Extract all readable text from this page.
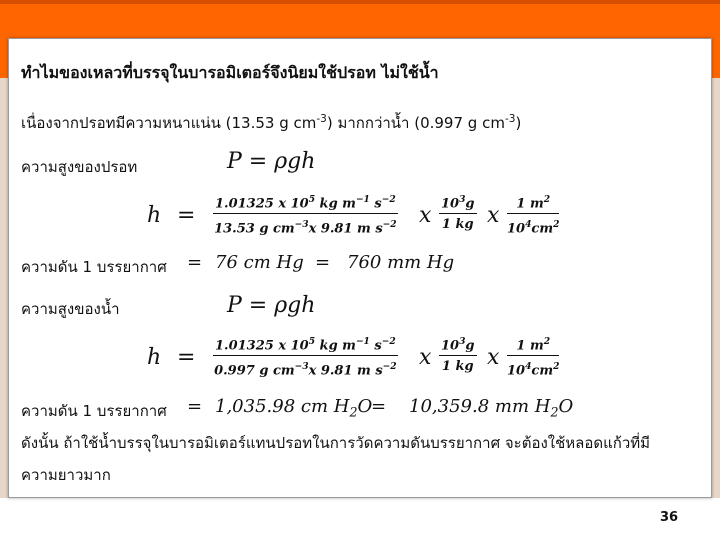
ทำไมของเหลวที่บรรจุในบารอมิเตอร์จึงนิยมใช้ปรอท ไม่ใช้น้ำ
เนื่องจากปรอทมีความหนาแน่น (13.53 g $cm^{-3}$) มากกว่าน้ำ (0.997 g $cm^{-3}$)
ความสูงของปรอท	P = ρgh
$h = \frac{1.01325 x 10^5 kg m^{-1} s^{-2}}{13.53 g cm^{-3}x 9.81 m s^{-2}}$ x $\frac{10^3g}{1 kg}$ x $\frac{1 m^2}{10^4cm^2}$
ความดัน 1 บรรยากาศ = 76 cm Hg = 760 mm Hg
ความสูงของน้ำ	P = ρgh
$h = \frac{1.01325 x 10^5 kg m^{-1} s^{-2}}{0.997 g cm^{-3}x 9.81 m s^{-2}}$ x $\frac{10^3g}{1 kg}$ x $\frac{1 m^2}{10^4cm^2}$
ความดัน 1 บรรยากาศ = 1,035.98 cm $H_2O$
= 10,359.8 mm $H_2O$
ดังนั้น ถ้าใช้น้ำบรรจุในบารอมิเตอร์แทนปรอทในการวัดความดันบรรยากาศ จะต้องใช้หลอดแก้วที่มี
ความยาวมาก
36
